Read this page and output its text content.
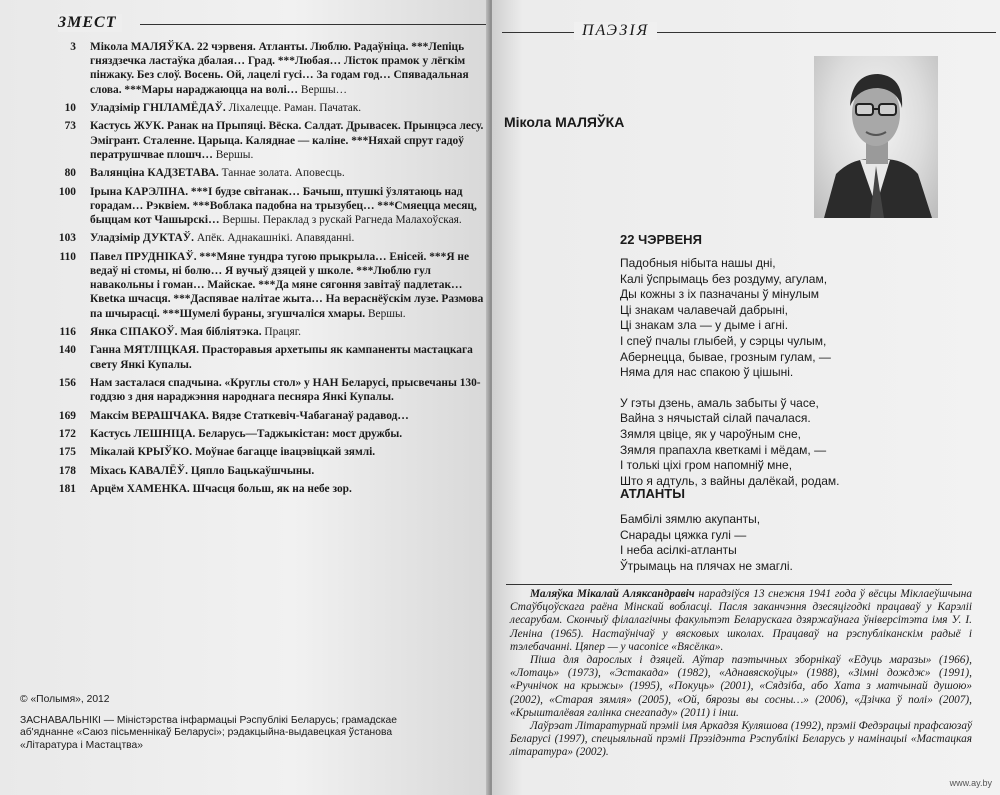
ЗМЕСТ
3 Мікола МАЛЯЎКА. 22 чэрвеня. Атланты. Люблю. Радаўніца. ***Лепіць гняздзечка ластаўка дбалая… Град. ***Любая… Лісток прамок у лёгкім пінжаку. Без слоў. Восень. Ой, лацелі гусі… За годам год… Спявадальная слова. ***Мары нараджаюцца на волі… Вершы…
10 Уладзімір ГНІЛАМЁДАЎ. Ліхалецце. Раман. Пачатак.
73 Кастусь ЖУК. Ранак на Прыпяці. Вёска. Салдат. Дрывасек. Прынцэса лесу. Эмігрант. Сталенне. Царыца. Каляднае — каліне. ***Няхай спрут гадоў ператрушчвае плошч… Вершы.
80 Валянціна КАДЗЕТАВА. Таннае золата. Аповесць.
100 Ірына КАРЭЛІНА. ***І будзе світанак… Бачыш, птушкі ўзлятаюць над горадам… Рэквіем. ***Воблака падобна на трызубец… ***Смяецца месяц, быццам кот Чашырскі… Вершы. Пераклад з рускай Рагнеда Малахоўская.
103 Уладзімір ДУКТАЎ. Апёк. Аднакашнікі. Апавяданні.
110 Павел ПРУДНІКАЎ. ***Мяне тундра тугою прыкрыла… Енісей. ***Я не ведаў ні стомы, ні болю… Я вучыў дзяцей у школе. ***Люблю гул навакольны і гоман… Майскае. ***Да мяне сягоння завітаў падлетак… Квеtка шчасця. ***Даспявае налітае жыта… На вераснёўскім лузе. Размова па шчырасці. ***Шумелі бураны, згушчаліся хмары. Вершы.
116 Янка СІПАКОЎ. Мая бібліятэка. Працяг.
140 Ганна МЯТЛІЦКАЯ. Прасторавыя архетыпы як кампаненты мастацкага свету Янкі Купалы.
156 Нам засталася спадчына. «Круглы стол» у НАН Беларусі, прысвечаны 130-годдзю з дня нараджэння народнага песняра Янкі Купалы.
169 Максім ВЕРАШЧАКА. Вядзе Статкевіч-Чабаганаў радавод…
172 Кастусь ЛЕШНІЦА. Беларусь—Таджыкістан: мост дружбы.
175 Мікалай КРЫЎКО. Моўнае багацце івацэвіцкай зямлі.
178 Міхась КАВАЛЁЎ. Цяпло Бацькаўшчыны.
181 Арцём ХАМЕНКА. Шчасця больш, як на небе зор.
© «Полымя», 2012
ЗАСНАВАЛЬНІКІ — Міністэрства інфармацыі Рэспублікі Беларусь; грамадскае аб'яднанне «Саюз пісьменнікаў Беларусі»; рэдакцыйна-выдавецкая ўстанова «Літаратура і Мастацтва»
ПАЭЗІЯ
Мікола МАЛЯЎКА
22 ЧЭРВЕНЯ
Падобныя нібыта нашы дні,
Калі ўспрымаць без роздуму, агулам,
Ды кожны з іх пазначаны ў мінулым
Ці знакам чалавечай дабрыні,
Ці знакам зла — у дыме і агні.
І спеў пчалы глыбей, у сэрцы чулым,
Абернецца, бывае, грозным гулам, —
Няма для нас спакою ў цішыні.
У гэты дзень, амаль забыты ў часе,
Вайна з нячыстай сілай пачалася.
Зямля цвіце, як у чароўным сне,
Зямля прапахла кветкамі і мёдам, —
І толькі ціхі гром напомніў мне,
Што я адтуль, з вайны далёкай, родам.
АТЛАНТЫ
Бамбілі зямлю акупанты,
Снарады цяжка гулі —
І неба асілкі-атланты
Ўтрымаць на плячах не змаглі.

Маляўка Мікалай Аляксандравіч нарадзіўся 13 снежня 1941 года ў вёсцы Міклаеўшчына Стаўбцоўскага раёна Мінскай вобласці. Пасля заканчэння дзесяцігодкі працаваў у Карэліі лесарубам. Скончыў філалагічны факультэт Беларускага дзяржаўнага ўніверсітэта імя У. І. Леніна (1965). Настаўнічаў у вясковых школах. Працаваў на рэспубліканскім радыё і тэлебачанні. Цяпер — у часопісе «Вясёлка».

Піша для дарослых і дзяцей. Аўтар паэтычных зборнікаў «Едуць маразы» (1966), «Лотаць» (1973), «Эстакада» (1982), «Аднавяскоўцы» (1988), «Зімні дождж» (1991), «Ручнічок на крыжы» (1995), «Покуць» (2001), «Сядзіба, або Хата з матчынай душою» (2002), «Старая зямля» (2005), «Ой, бярозы вы сосны…» (2006), «Дзічка ў полі» (2007), «Крышталёвая галінка снегападу» (2011) і інш.

Лаўрэат Літаратурнай прэміі імя Аркадзя Куляшова (1992), прэміі Федэрацыі прафсаюзаў Беларусі (1997), спецыяльнай прэміі Прэзідэнта Рэспублікі Беларусь у намінацыі «Мастацкая літаратура» (2002).

www.ay.by
